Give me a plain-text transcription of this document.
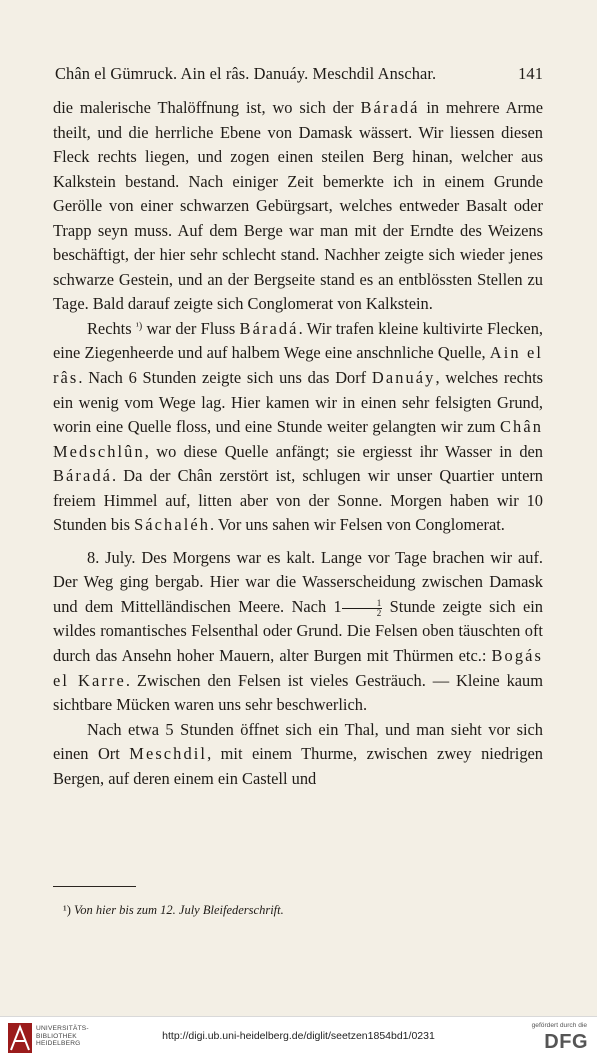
Chân el Gümruck. Ain el râs. Danuáy. Meschdil Anschar.	141

die malerische Thalöffnung ist, wo sich der Báradá in mehrere Arme theilt, und die herrliche Ebene von Damask wässert. Wir liessen diesen Fleck rechts liegen, und zogen einen steilen Berg hinan, welcher aus Kalkstein bestand. Nach einiger Zeit bemerkte ich in einem Grunde Gerölle von einer schwarzen Gebürgsart, welches entweder Basalt oder Trapp seyn muss. Auf dem Berge war man mit der Erndte des Weizens beschäftigt, der hier sehr schlecht stand. Nachher zeigte sich wieder jenes schwarze Gestein, und an der Bergseite stand es an entblössten Stellen zu Tage. Bald darauf zeigte sich Conglomerat von Kalkstein.

Rechts $^{^1)}$ war der Fluss Báradá. Wir trafen kleine kultivirte Flecken, eine Ziegenheerde und auf halbem Wege eine anschnliche Quelle, Ain el râs. Nach 6 Stunden zeigte sich uns das Dorf Danuáy, welches rechts ein wenig vom Wege lag. Hier kamen wir in einen sehr felsigten Grund, worin eine Quelle floss, und eine Stunde weiter gelangten wir zum Chân Medschlûn, wo diese Quelle anfängt; sie ergiesst ihr Wasser in den Báradá. Da der Chân zerstört ist, schlugen wir unser Quartier untern freiem Himmel auf, litten aber von der Sonne. Morgen haben wir 10 Stunden bis Sáchaléh. Vor uns sahen wir Felsen von Conglomerat.

8. July. Des Morgens war es kalt. Lange vor Tage brachen wir auf. Der Weg ging bergab. Hier war die Wasserscheidung zwischen Damask und dem Mittelländischen Meere. Nach $1 \frac{1}{2}$ Stunde zeigte sich ein wildes romantisches Felsenthal oder Grund. Die Felsen oben täuschten oft durch das Ansehn hoher Mauern, alter Burgen mit Thürmen etc.: Bogás el Karre. Zwischen den Felsen ist vieles Gesträuch. — Kleine kaum sichtbare Mücken waren uns sehr beschwerlich.

Nach etwa 5 Stunden öffnet sich ein Thal, und man sieht vor sich einen Ort Meschdil, mit einem Thurme, zwischen zwey niedrigen Bergen, auf deren einem ein Castell und

¹) Von hier bis zum 12. July Bleifederschrift.
UNIVERSITÄTS-
BIBLIOTHEK
HEIDELBERG
http://digi.ub.uni-heidelberg.de/diglit/seetzen1854bd1/0231
gefördert durch die
DFG
